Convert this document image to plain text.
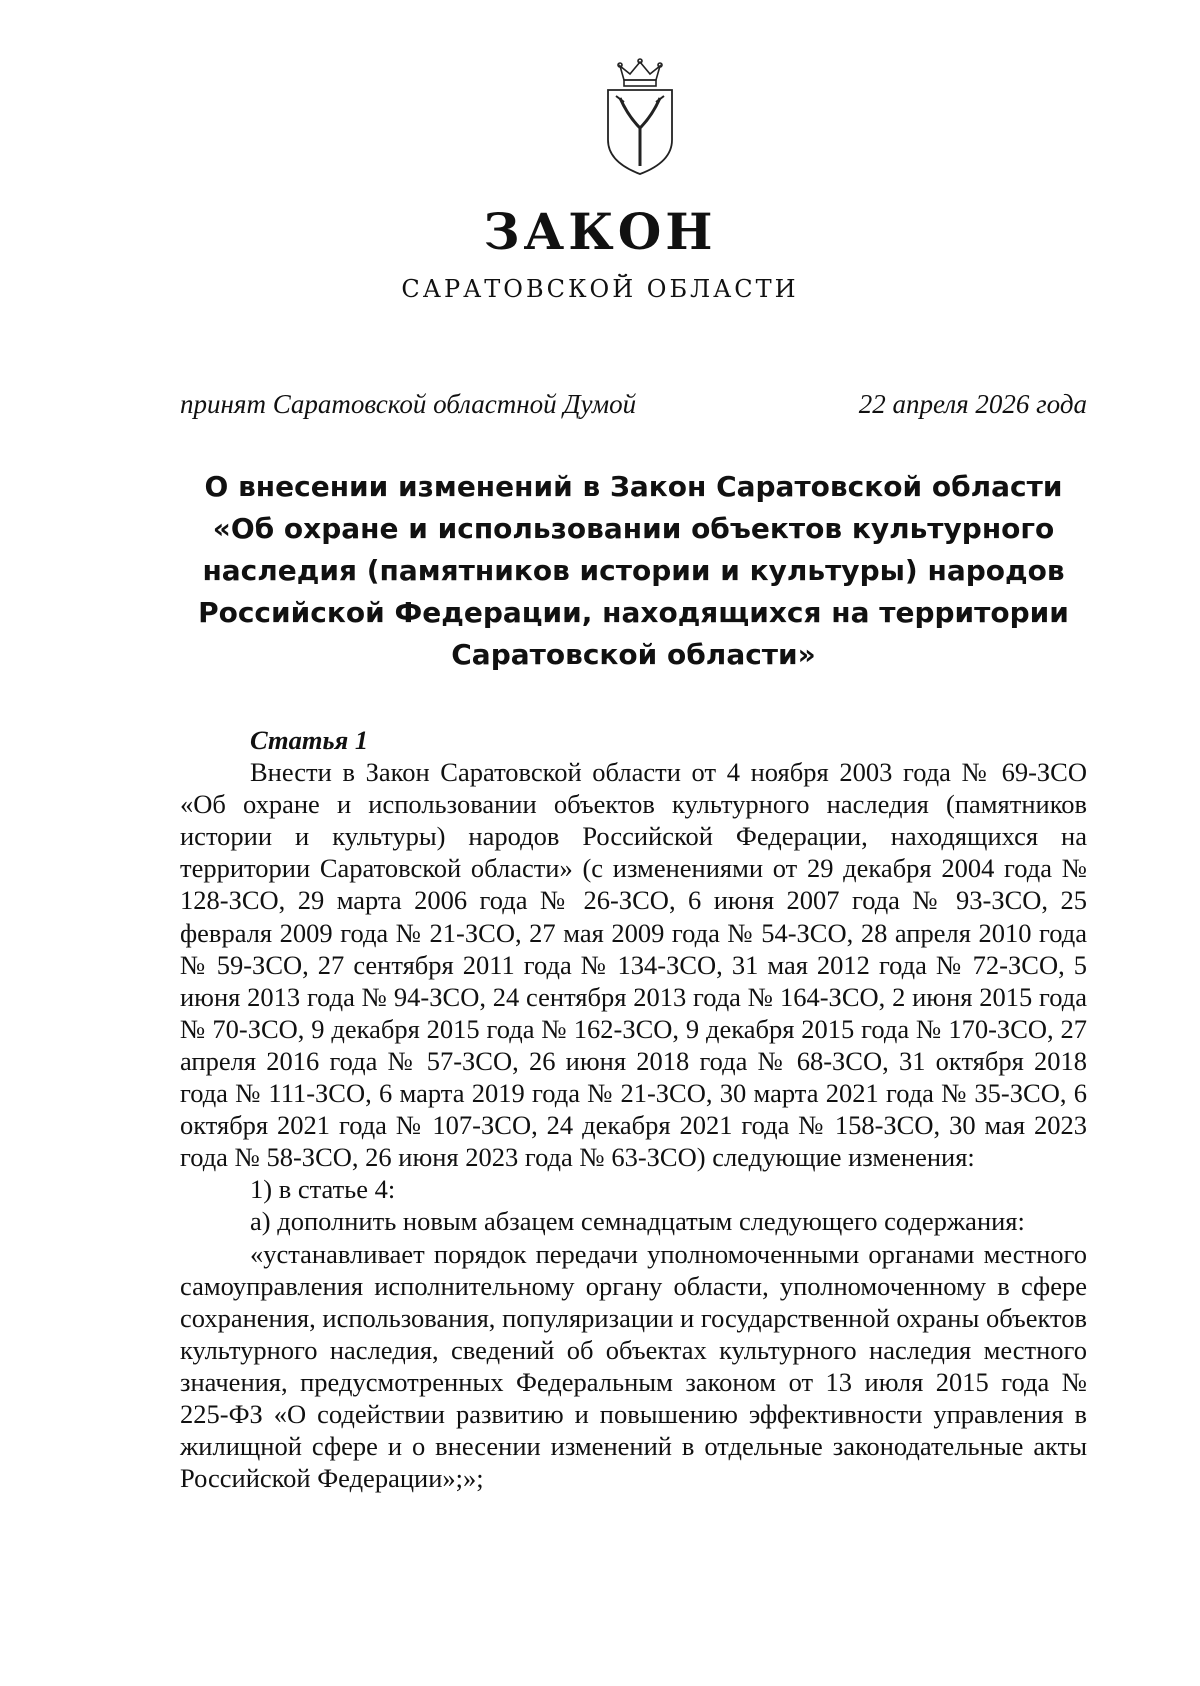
ЗАКОН
САРАТОВСКОЙ ОБЛАСТИ
принят Саратовской областной Думой	22 апреля 2026 года
О внесении изменений в Закон Саратовской области «Об охране и использовании объектов культурного наследия (памятников истории и культуры) народов Российской Федерации, находящихся на территории Саратовской области»

Статья 1

Внести в Закон Саратовской области от 4 ноября 2003 года № 69-ЗСО «Об охране и использовании объектов культурного наследия (памятников истории и культуры) народов Российской Федерации, находящихся на территории Саратовской области» (с изменениями от 29 декабря 2004 года № 128-ЗСО, 29 марта 2006 года № 26-ЗСО, 6 июня 2007 года № 93-ЗСО, 25 февраля 2009 года № 21-ЗСО, 27 мая 2009 года № 54-ЗСО, 28 апреля 2010 года № 59-ЗСО, 27 сентября 2011 года № 134-ЗСО, 31 мая 2012 года № 72-ЗСО, 5 июня 2013 года № 94-ЗСО, 24 сентября 2013 года № 164-ЗСО, 2 июня 2015 года № 70-ЗСО, 9 декабря 2015 года № 162-ЗСО, 9 декабря 2015 года № 170-ЗСО, 27 апреля 2016 года № 57-ЗСО, 26 июня 2018 года № 68-ЗСО, 31 октября 2018 года № 111-ЗСО, 6 марта 2019 года № 21-ЗСО, 30 марта 2021 года № 35-ЗСО, 6 октября 2021 года № 107-ЗСО, 24 декабря 2021 года № 158-ЗСО, 30 мая 2023 года № 58-ЗСО, 26 июня 2023 года № 63-ЗСО) следующие изменения:

1) в статье 4:

а) дополнить новым абзацем семнадцатым следующего содержания:

«устанавливает порядок передачи уполномоченными органами местного самоуправления исполнительному органу области, уполномоченному в сфере сохранения, использования, популяризации и государственной охраны объектов культурного наследия, сведений об объектах культурного наследия местного значения, предусмотренных Федеральным законом от 13 июля 2015 года № 225-ФЗ «О содействии развитию и повышению эффективности управления в жилищной сфере и о внесении изменений в отдельные законодательные акты Российской Федерации»;»;
